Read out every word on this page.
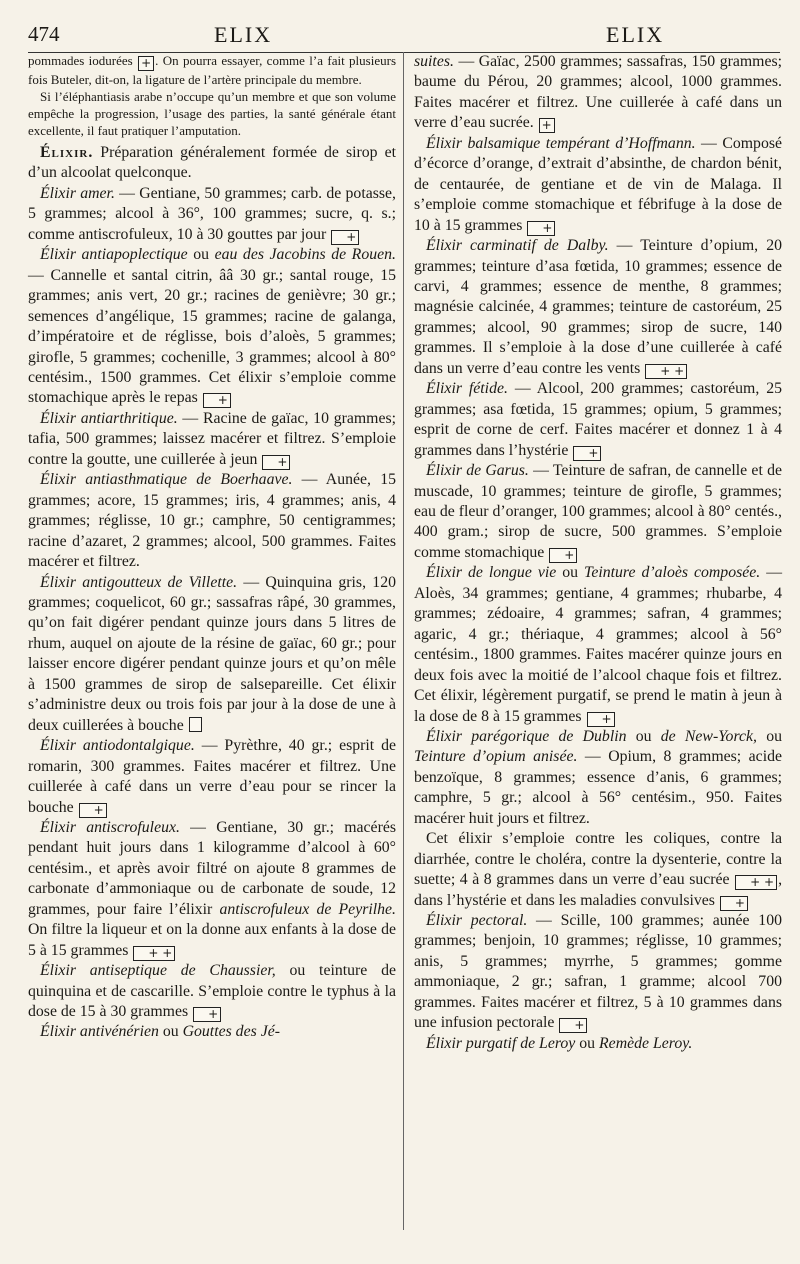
474	ELIX	ELIX

pommades iodurées + . On pourra essayer, comme l’a fait plusieurs fois Buteler, dit-on, la ligature de l’artère principale du membre.

Si l’éléphantiasis arabe n’occupe qu’un membre et que son volume empêche la progression, l’usage des parties, la santé générale étant excellente, il faut pratiquer l’amputation.

Élixir. Préparation généralement formée de sirop et d’un alcoolat quelconque.

Élixir amer. — Gentiane, 50 grammes; carb. de potasse, 5 grammes; alcool à 36°, 100 grammes; sucre, q. s.; comme antiscrofuleux, 10 à 30 gouttes par jour +

Élixir antiapoplectique ou eau des Jacobins de Rouen. — Cannelle et santal citrin, ââ 30 gr.; santal rouge, 15 grammes; anis vert, 20 gr.; racines de genièvre; 30 gr.; semences d’angélique, 15 grammes; racine de galanga, d’impératoire et de réglisse, bois d’aloès, 5 grammes; girofle, 5 grammes; cochenille, 3 grammes; alcool à 80° centésim., 1500 grammes. Cet élixir s’emploie comme stomachique après le repas +

Élixir antiarthritique. — Racine de gaïac, 10 grammes; tafia, 500 grammes; laissez macérer et filtrez. S’emploie contre la goutte, une cuillerée à jeun +

Élixir antiasthmatique de Boerhaave. — Aunée, 15 grammes; acore, 15 grammes; iris, 4 grammes; anis, 4 grammes; réglisse, 10 gr.; camphre, 50 centigrammes; racine d’azaret, 2 grammes; alcool, 500 grammes. Faites macérer et filtrez.

Élixir antigoutteux de Villette. — Quinquina gris, 120 grammes; coquelicot, 60 gr.; sassafras râpé, 30 grammes, qu’on fait digérer pendant quinze jours dans 5 litres de rhum, auquel on ajoute de la résine de gaïac, 60 gr.; pour laisser encore digérer pendant quinze jours et qu’on mêle à 1500 grammes de sirop de salsepareille. Cet élixir s’administre deux ou trois fois par jour à la dose de une à deux cuillerées à bouche

Élixir antiodontalgique. — Pyrèthre, 40 gr.; esprit de romarin, 300 grammes. Faites macérer et filtrez. Une cuillerée à café dans un verre d’eau pour se rincer la bouche +

Élixir antiscrofuleux. — Gentiane, 30 gr.; macérés pendant huit jours dans 1 kilogramme d’alcool à 60° centésim., et après avoir filtré on ajoute 8 grammes de carbonate d’ammoniaque ou de carbonate de soude, 12 grammes, pour faire l’élixir antiscrofuleux de Peyrilhe. On filtre la liqueur et on la donne aux enfants à la dose de 5 à 15 grammes + +

Élixir antiseptique de Chaussier, ou teinture de quinquina et de cascarille. S’emploie contre le typhus à la dose de 15 à 30 grammes +

Élixir antivénérien ou Gouttes des Jé-

suites. — Gaïac, 2500 grammes; sassafras, 150 grammes; baume du Pérou, 20 grammes; alcool, 1000 grammes. Faites macérer et filtrez. Une cuillerée à café dans un verre d’eau sucrée. +

Élixir balsamique tempérant d’Hoffmann. — Composé d’écorce d’orange, d’extrait d’absinthe, de chardon bénit, de centaurée, de gentiane et de vin de Malaga. Il s’emploie comme stomachique et fébrifuge à la dose de 10 à 15 grammes +

Élixir carminatif de Dalby. — Teinture d’opium, 20 grammes; teinture d’asa fœtida, 10 grammes; essence de carvi, 4 grammes; essence de menthe, 8 grammes; magnésie calcinée, 4 grammes; teinture de castoréum, 25 grammes; alcool, 90 grammes; sirop de sucre, 140 grammes. Il s’emploie à la dose d’une cuillerée à café dans un verre d’eau contre les vents + +

Élixir fétide. — Alcool, 200 grammes; castoréum, 25 grammes; asa fœtida, 15 grammes; opium, 5 grammes; esprit de corne de cerf. Faites macérer et donnez 1 à 4 grammes dans l’hystérie +

Élixir de Garus. — Teinture de safran, de cannelle et de muscade, 10 grammes; teinture de girofle, 5 grammes; eau de fleur d’oranger, 100 grammes; alcool à 80° centés., 400 gram.; sirop de sucre, 500 grammes. S’emploie comme stomachique +

Élixir de longue vie ou Teinture d’aloès composée. — Aloès, 34 grammes; gentiane, 4 grammes; rhubarbe, 4 grammes; zédoaire, 4 grammes; safran, 4 grammes; agaric, 4 gr.; thériaque, 4 grammes; alcool à 56° centésim., 1800 grammes. Faites macérer quinze jours en deux fois avec la moitié de l’alcool chaque fois et filtrez. Cet élixir, légèrement purgatif, se prend le matin à jeun à la dose de 8 à 15 grammes +

Élixir parégorique de Dublin ou de New-Yorck, ou Teinture d’opium anisée. — Opium, 8 grammes; acide benzoïque, 8 grammes; essence d’anis, 6 grammes; camphre, 5 gr.; alcool à 56° centésim., 950. Faites macérer huit jours et filtrez.

Cet élixir s’emploie contre les coliques, contre la diarrhée, contre le choléra, contre la dysenterie, contre la suette; 4 à 8 grammes dans un verre d’eau sucrée + + , dans l’hystérie et dans les maladies convulsives +

Élixir pectoral. — Scille, 100 grammes; aunée 100 grammes; benjoin, 10 grammes; réglisse, 10 grammes; anis, 5 grammes; myrrhe, 5 grammes; gomme ammoniaque, 2 gr.; safran, 1 gramme; alcool 700 grammes. Faites macérer et filtrez, 5 à 10 grammes dans une infusion pectorale +

Élixir purgatif de Leroy ou Remède Leroy.
